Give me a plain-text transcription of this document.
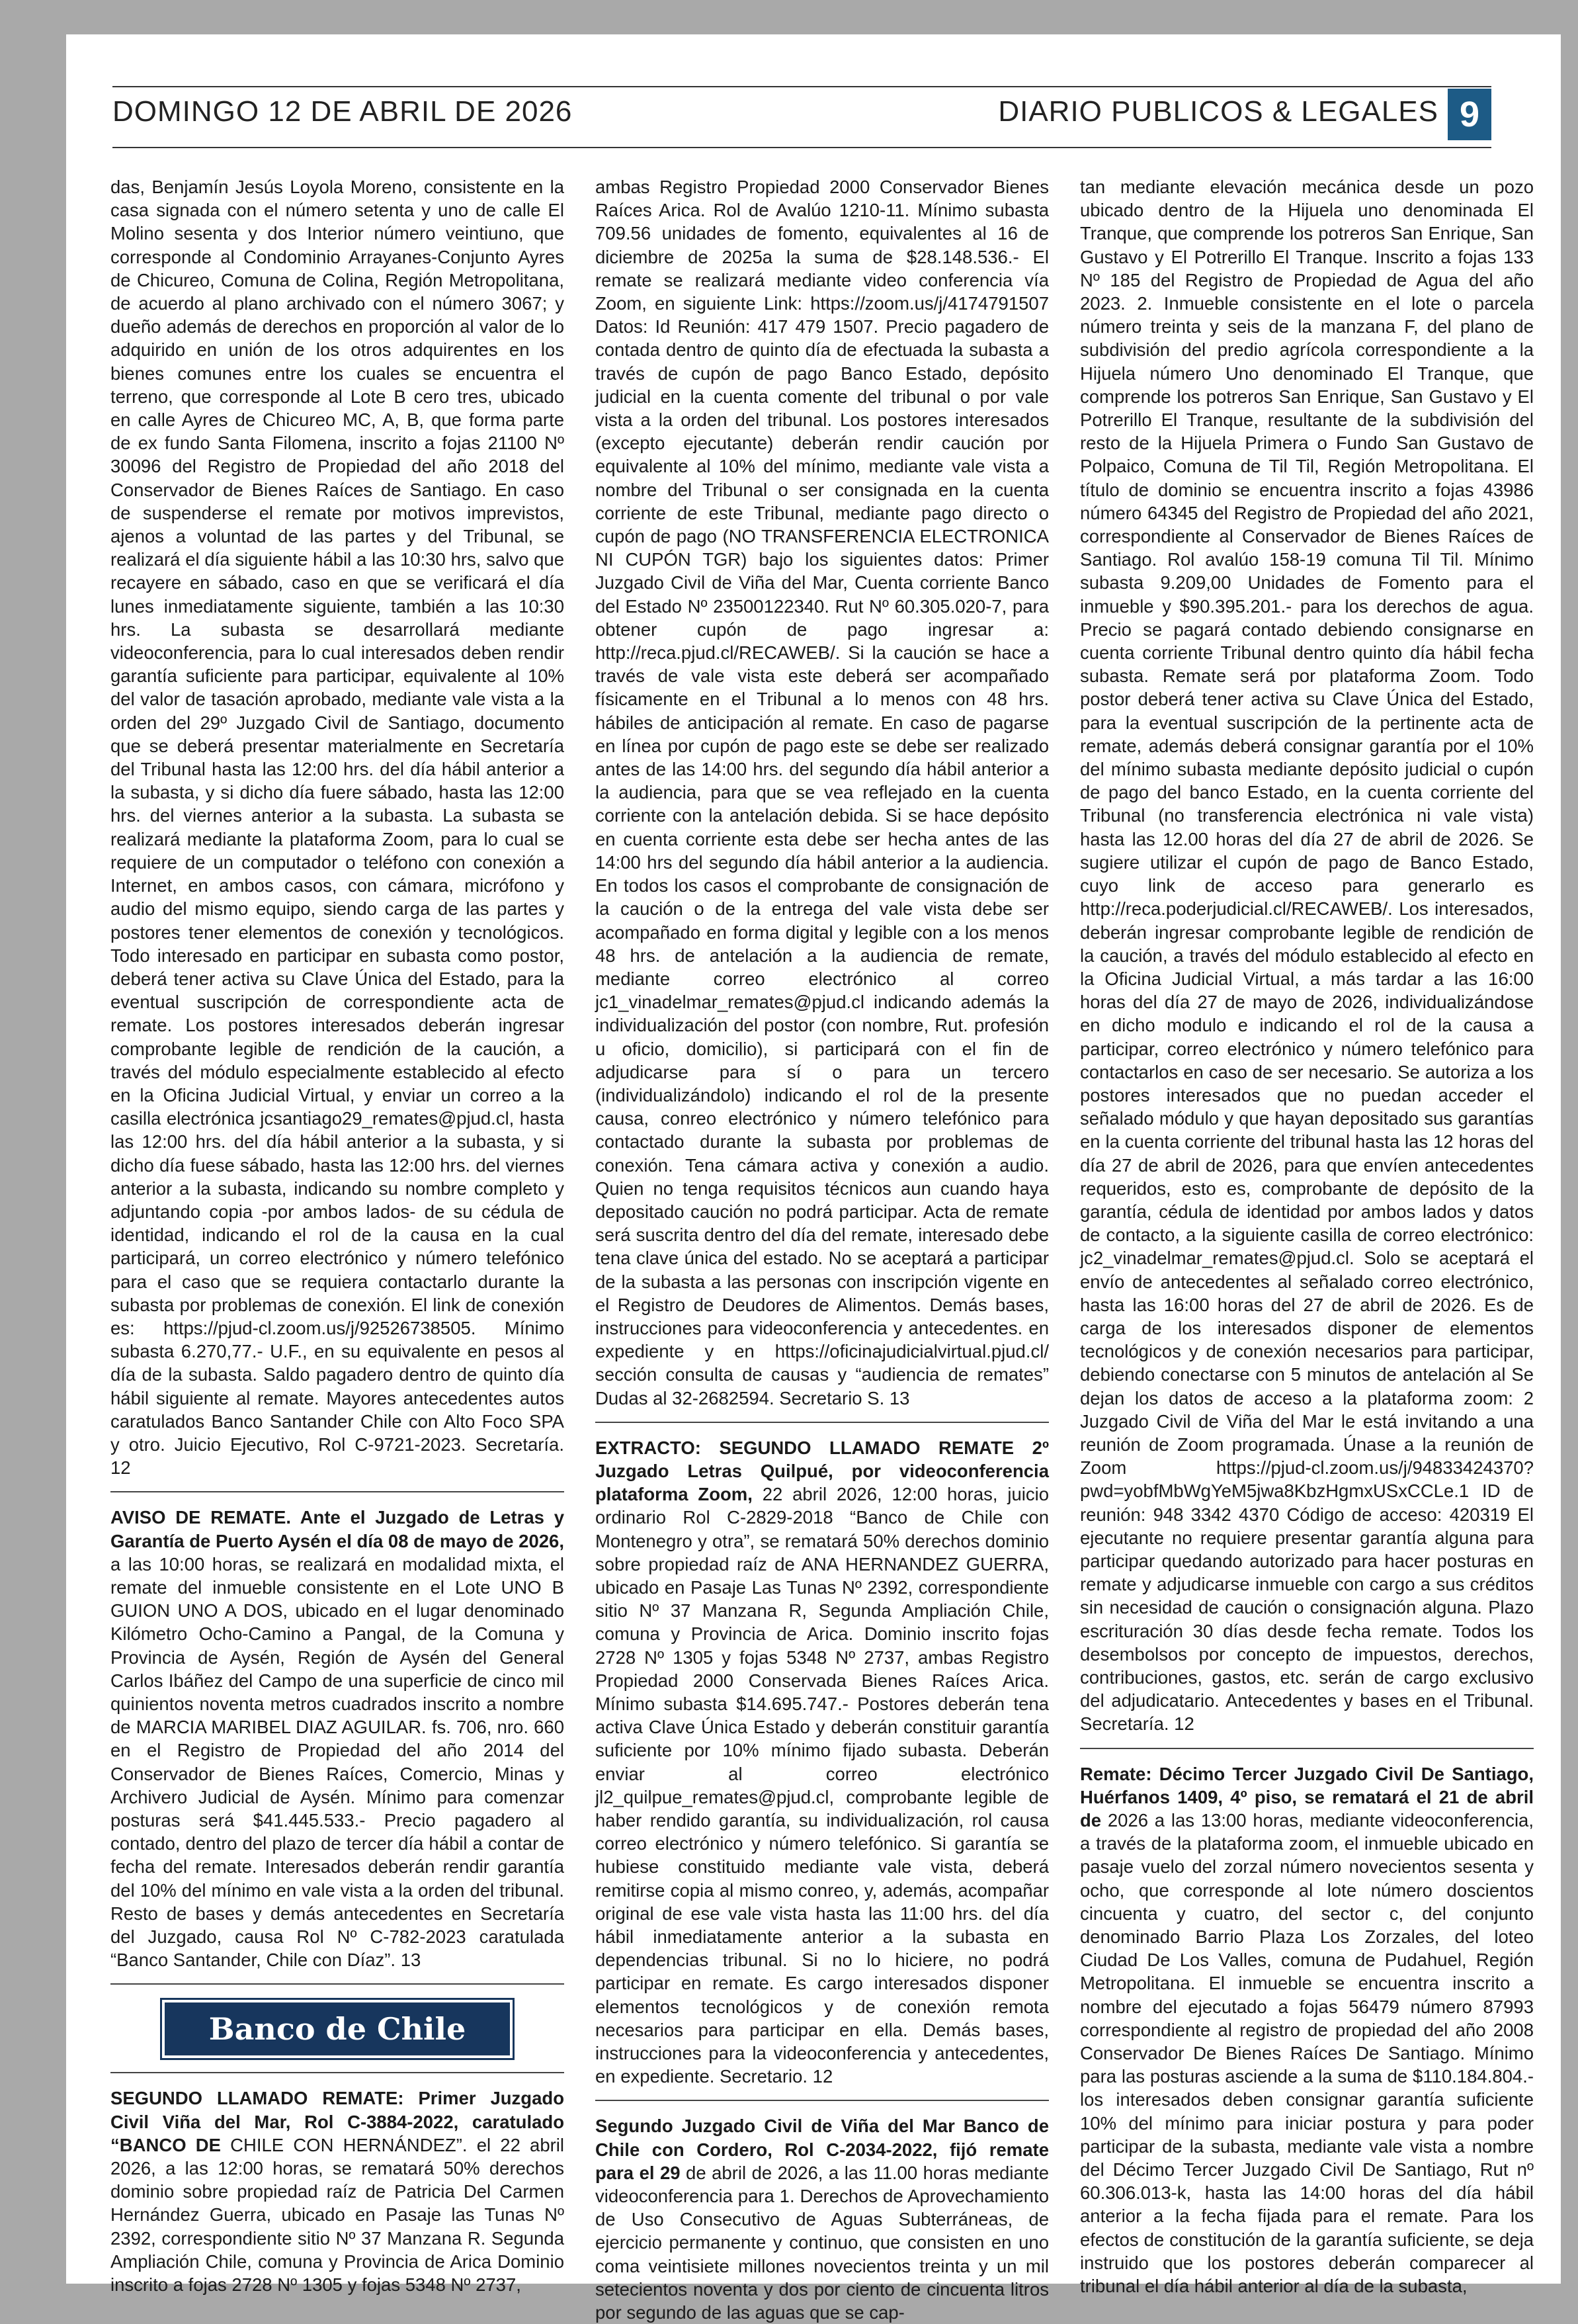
DOMINGO 12 DE ABRIL DE 2026	DIARIO PUBLICOS & LEGALES 9

das, Benjamín Jesús Loyola Moreno, consistente en la casa signada con el número setenta y uno de calle El Molino sesenta y dos Interior número veintiuno, que corresponde al Condominio Arrayanes-Conjunto Ayres de Chicureo, Comuna de Colina, Región Metropolitana, de acuerdo al plano archivado con el número 3067; y dueño además de derechos en proporción al valor de lo adquirido en unión de los otros adquirentes en los bienes comunes entre los cuales se encuentra el terreno, que corresponde al Lote B cero tres, ubicado en calle Ayres de Chicureo MC, A, B, que forma parte de ex fundo Santa Filomena, inscrito a fojas 21100 Nº 30096 del Registro de Propiedad del año 2018 del Conservador de Bienes Raíces de Santiago. En caso de suspenderse el remate por motivos imprevistos, ajenos a voluntad de las partes y del Tribunal, se realizará el día siguiente hábil a las 10:30 hrs, salvo que recayere en sábado, caso en que se verificará el día lunes inmediatamente siguiente, también a las 10:30 hrs. La subasta se desarrollará mediante videoconferencia, para lo cual interesados deben rendir garantía suficiente para participar, equivalente al 10% del valor de tasación aprobado, mediante vale vista a la orden del 29º Juzgado Civil de Santiago, documento que se deberá presentar materialmente en Secretaría del Tribunal hasta las 12:00 hrs. del día hábil anterior a la subasta, y si dicho día fuere sábado, hasta las 12:00 hrs. del viernes anterior a la subasta. La subasta se realizará mediante la plataforma Zoom, para lo cual se requiere de un computador o teléfono con conexión a Internet, en ambos casos, con cámara, micrófono y audio del mismo equipo, siendo carga de las partes y postores tener elementos de conexión y tecnológicos. Todo interesado en participar en subasta como postor, deberá tener activa su Clave Única del Estado, para la eventual suscripción de correspondiente acta de remate. Los postores interesados deberán ingresar comprobante legible de rendición de la caución, a través del módulo especialmente establecido al efecto en la Oficina Judicial Virtual, y enviar un correo a la casilla electrónica jcsantiago29_remates@pjud.cl, hasta las 12:00 hrs. del día hábil anterior a la subasta, y si dicho día fuese sábado, hasta las 12:00 hrs. del viernes anterior a la subasta, indicando su nombre completo y adjuntando copia -por ambos lados- de su cédula de identidad, indicando el rol de la causa en la cual participará, un correo electrónico y número telefónico para el caso que se requiera contactarlo durante la subasta por problemas de conexión. El link de conexión es: https://pjud-cl.zoom.us/j/92526738505. Mínimo subasta 6.270,77.- U.F., en su equivalente en pesos al día de la subasta. Saldo pagadero dentro de quinto día hábil siguiente al remate. Mayores antecedentes autos caratulados Banco Santander Chile con Alto Foco SPA y otro. Juicio Ejecutivo, Rol C-9721-2023. Secretaría. 12

AVISO DE REMATE. Ante el Juzgado de Letras y Garantía de Puerto Aysén el día 08 de mayo de 2026, a las 10:00 horas, se realizará en modalidad mixta, el remate del inmueble consistente en el Lote UNO B GUION UNO A DOS, ubicado en el lugar denominado Kilómetro Ocho-Camino a Pangal, de la Comuna y Provincia de Aysén, Región de Aysén del General Carlos Ibáñez del Campo de una superficie de cinco mil quinientos noventa metros cuadrados inscrito a nombre de MARCIA MARIBEL DIAZ AGUILAR. fs. 706, nro. 660 en el Registro de Propiedad del año 2014 del Conservador de Bienes Raíces, Comercio, Minas y Archivero Judicial de Aysén. Mínimo para comenzar posturas será $41.445.533.- Precio pagadero al contado, dentro del plazo de tercer día hábil a contar de fecha del remate. Interesados deberán rendir garantía del 10% del mínimo en vale vista a la orden del tribunal. Resto de bases y demás antecedentes en Secretaría del Juzgado, causa Rol Nº C-782-2023 caratulada “Banco Santander, Chile con Díaz”. 13

Banco de Chile

SEGUNDO LLAMADO REMATE: Primer Juzgado Civil Viña del Mar, Rol C-3884-2022, caratulado “BANCO DE CHILE CON HERNÁNDEZ”. el 22 abril 2026, a las 12:00 horas, se rematará 50% derechos dominio sobre propiedad raíz de Patricia Del Carmen Hernández Guerra, ubicado en Pasaje las Tunas Nº 2392, correspondiente sitio Nº 37 Manzana R. Segunda Ampliación Chile, comuna y Provincia de Arica Dominio inscrito a fojas 2728 Nº 1305 y fojas 5348 Nº 2737,

ambas Registro Propiedad 2000 Conservador Bienes Raíces Arica. Rol de Avalúo 1210-11. Mínimo subasta 709.56 unidades de fomento, equivalentes al 16 de diciembre de 2025a la suma de $28.148.536.- El remate se realizará mediante video conferencia vía Zoom, en siguiente Link: https://zoom.us/j/4174791507 Datos: Id Reunión: 417 479 1507. Precio pagadero de contada dentro de quinto día de efectuada la subasta a través de cupón de pago Banco Estado, depósito judicial en la cuenta comente del tribunal o por vale vista a la orden del tribunal. Los postores interesados (excepto ejecutante) deberán rendir caución por equivalente al 10% del mínimo, mediante vale vista a nombre del Tribunal o ser consignada en la cuenta corriente de este Tribunal, mediante pago directo o cupón de pago (NO TRANSFERENCIA ELECTRONICA NI CUPÓN TGR) bajo los siguientes datos: Primer Juzgado Civil de Viña del Mar, Cuenta corriente Banco del Estado Nº 23500122340. Rut Nº 60.305.020-7, para obtener cupón de pago ingresar a: http://reca.pjud.cl/RECAWEB/. Si la caución se hace a través de vale vista este deberá ser acompañado físicamente en el Tribunal a lo menos con 48 hrs. hábiles de anticipación al remate. En caso de pagarse en línea por cupón de pago este se debe ser realizado antes de las 14:00 hrs. del segundo día hábil anterior a la audiencia, para que se vea reflejado en la cuenta corriente con la antelación debida. Si se hace depósito en cuenta corriente esta debe ser hecha antes de las 14:00 hrs del segundo día hábil anterior a la audiencia. En todos los casos el comprobante de consignación de la caución o de la entrega del vale vista debe ser acompañado en forma digital y legible con a los menos 48 hrs. de antelación a la audiencia de remate, mediante correo electrónico al correo jc1_vinadelmar_remates@pjud.cl indicando además la individualización del postor (con nombre, Rut. profesión u oficio, domicilio), si participará con el fin de adjudicarse para sí o para un tercero (individualizándolo) indicando el rol de la presente causa, conreo electrónico y número telefónico para contactado durante la subasta por problemas de conexión. Tena cámara activa y conexión a audio. Quien no tenga requisitos técnicos aun cuando haya depositado caución no podrá participar. Acta de remate será suscrita dentro del día del remate, interesado debe tena clave única del estado. No se aceptará a participar de la subasta a las personas con inscripción vigente en el Registro de Deudores de Alimentos. Demás bases, instrucciones para videoconferencia y antecedentes. en expediente y en https://oficinajudicialvirtual.pjud.cl/ sección consulta de causas y “audiencia de remates” Dudas al 32-2682594. Secretario S. 13

EXTRACTO: SEGUNDO LLAMADO REMATE 2º Juzgado Letras Quilpué, por videoconferencia plataforma Zoom, 22 abril 2026, 12:00 horas, juicio ordinario Rol C-2829-2018 “Banco de Chile con Montenegro y otra”, se rematará 50% derechos dominio sobre propiedad raíz de ANA HERNANDEZ GUERRA, ubicado en Pasaje Las Tunas Nº 2392, correspondiente sitio Nº 37 Manzana R, Segunda Ampliación Chile, comuna y Provincia de Arica. Dominio inscrito fojas 2728 Nº 1305 y fojas 5348 Nº 2737, ambas Registro Propiedad 2000 Conservada Bienes Raíces Arica. Mínimo subasta $14.695.747.- Postores deberán tena activa Clave Única Estado y deberán constituir garantía suficiente por 10% mínimo fijado subasta. Deberán enviar al correo electrónico jl2_quilpue_remates@pjud.cl, comprobante legible de haber rendido garantía, su individualización, rol causa correo electrónico y número telefónico. Si garantía se hubiese constituido mediante vale vista, deberá remitirse copia al mismo conreo, y, además, acompañar original de ese vale vista hasta las 11:00 hrs. del día hábil inmediatamente anterior a la subasta en dependencias tribunal. Si no lo hiciere, no podrá participar en remate. Es cargo interesados disponer elementos tecnológicos y de conexión remota necesarios para participar en ella. Demás bases, instrucciones para la videoconferencia y antecedentes, en expediente. Secretario. 12

Segundo Juzgado Civil de Viña del Mar Banco de Chile con Cordero, Rol C-2034-2022, fijó remate para el 29 de abril de 2026, a las 11.00 horas mediante videoconferencia para 1. Derechos de Aprovechamiento de Uso Consecutivo de Aguas Subterráneas, de ejercicio permanente y continuo, que consisten en uno coma veintisiete millones novecientos treinta y un mil setecientos noventa y dos por ciento de cincuenta litros por segundo de las aguas que se cap-

tan mediante elevación mecánica desde un pozo ubicado dentro de la Hijuela uno denominada El Tranque, que comprende los potreros San Enrique, San Gustavo y El Potrerillo El Tranque. Inscrito a fojas 133 Nº 185 del Registro de Propiedad de Agua del año 2023. 2. Inmueble consistente en el lote o parcela número treinta y seis de la manzana F, del plano de subdivisión del predio agrícola correspondiente a la Hijuela número Uno denominado El Tranque, que comprende los potreros San Enrique, San Gustavo y El Potrerillo El Tranque, resultante de la subdivisión del resto de la Hijuela Primera o Fundo San Gustavo de Polpaico, Comuna de Til Til, Región Metropolitana. El título de dominio se encuentra inscrito a fojas 43986 número 64345 del Registro de Propiedad del año 2021, correspondiente al Conservador de Bienes Raíces de Santiago. Rol avalúo 158-19 comuna Til Til. Mínimo subasta 9.209,00 Unidades de Fomento para el inmueble y $90.395.201.- para los derechos de agua. Precio se pagará contado debiendo consignarse en cuenta corriente Tribunal dentro quinto día hábil fecha subasta. Remate será por plataforma Zoom. Todo postor deberá tener activa su Clave Única del Estado, para la eventual suscripción de la pertinente acta de remate, además deberá consignar garantía por el 10% del mínimo subasta mediante depósito judicial o cupón de pago del banco Estado, en la cuenta corriente del Tribunal (no transferencia electrónica ni vale vista) hasta las 12.00 horas del día 27 de abril de 2026. Se sugiere utilizar el cupón de pago de Banco Estado, cuyo link de acceso para generarlo es http://reca.poderjudicial.cl/RECAWEB/. Los interesados, deberán ingresar comprobante legible de rendición de la caución, a través del módulo establecido al efecto en la Oficina Judicial Virtual, a más tardar a las 16:00 horas del día 27 de mayo de 2026, individualizándose en dicho modulo e indicando el rol de la causa a participar, correo electrónico y número telefónico para contactarlos en caso de ser necesario. Se autoriza a los postores interesados que no puedan acceder el señalado módulo y que hayan depositado sus garantías en la cuenta corriente del tribunal hasta las 12 horas del día 27 de abril de 2026, para que envíen antecedentes requeridos, esto es, comprobante de depósito de la garantía, cédula de identidad por ambos lados y datos de contacto, a la siguiente casilla de correo electrónico: jc2_vinadelmar_remates@pjud.cl. Solo se aceptará el envío de antecedentes al señalado correo electrónico, hasta las 16:00 horas del 27 de abril de 2026. Es de carga de los interesados disponer de elementos tecnológicos y de conexión necesarios para participar, debiendo conectarse con 5 minutos de antelación al Se dejan los datos de acceso a la plataforma zoom: 2 Juzgado Civil de Viña del Mar le está invitando a una reunión de Zoom programada. Únase a la reunión de Zoom https://pjud-cl.zoom.us/j/94833424370?pwd=yobfMbWgYeM5jwa8KbzHgmxUSxCCLe.1 ID de reunión: 948 3342 4370 Código de acceso: 420319 El ejecutante no requiere presentar garantía alguna para participar quedando autorizado para hacer posturas en remate y adjudicarse inmueble con cargo a sus créditos sin necesidad de caución o consignación alguna. Plazo escrituración 30 días desde fecha remate. Todos los desembolsos por concepto de impuestos, derechos, contribuciones, gastos, etc. serán de cargo exclusivo del adjudicatario. Antecedentes y bases en el Tribunal. Secretaría. 12

Remate: Décimo Tercer Juzgado Civil De Santiago, Huérfanos 1409, 4º piso, se rematará el 21 de abril de 2026 a las 13:00 horas, mediante videoconferencia, a través de la plataforma zoom, el inmueble ubicado en pasaje vuelo del zorzal número novecientos sesenta y ocho, que corresponde al lote número doscientos cincuenta y cuatro, del sector c, del conjunto denominado Barrio Plaza Los Zorzales, del loteo Ciudad De Los Valles, comuna de Pudahuel, Región Metropolitana. El inmueble se encuentra inscrito a nombre del ejecutado a fojas 56479 número 87993 correspondiente al registro de propiedad del año 2008 Conservador De Bienes Raíces De Santiago. Mínimo para las posturas asciende a la suma de $110.184.804.- los interesados deben consignar garantía suficiente 10% del mínimo para iniciar postura y para poder participar de la subasta, mediante vale vista a nombre del Décimo Tercer Juzgado Civil De Santiago, Rut nº 60.306.013-k, hasta las 14:00 horas del día hábil anterior a la fecha fijada para el remate. Para los efectos de constitución de la garantía suficiente, se deja instruido que los postores deberán comparecer al tribunal el día hábil anterior al día de la subasta,
